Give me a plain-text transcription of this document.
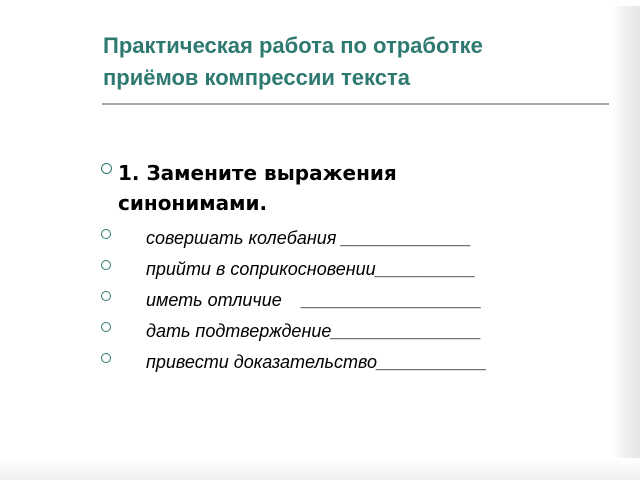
Практическая работа по отработке
приёмов компрессии текста
1. Замените выражения
синонимами.
совершать колебания _____________
прийти в соприкосновении__________
иметь отличие    __________________
дать подтверждение_______________
привести доказательство___________
